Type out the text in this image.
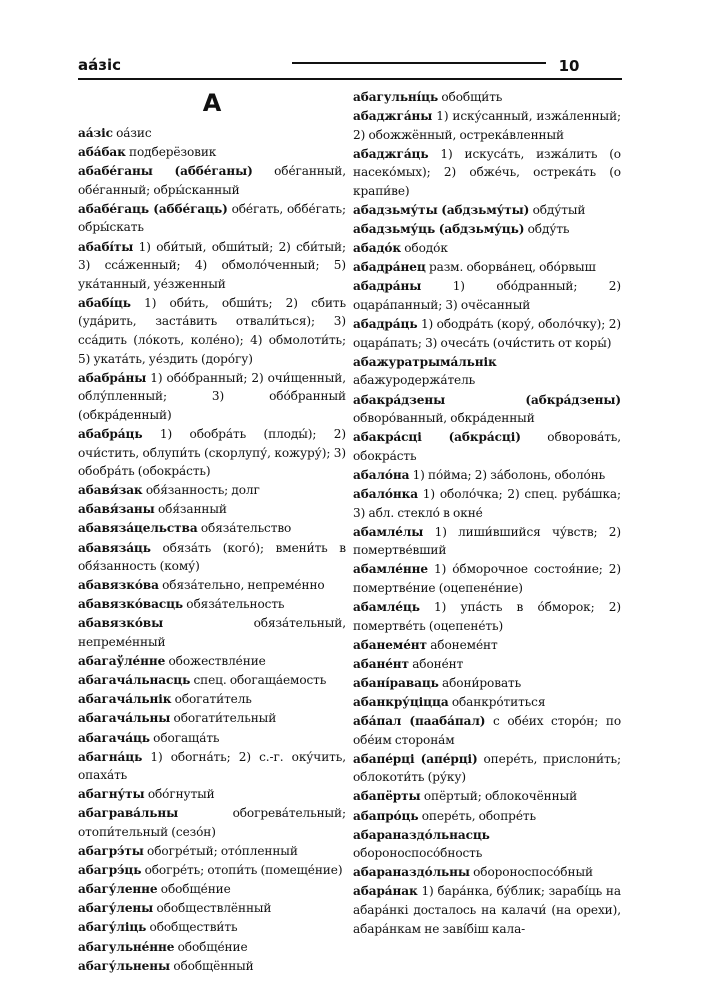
аа́зіс	10
А

аа́зіс оа́зис

аба́бак подберёзовик

абабе́ганы (аббе́ганы) обе́ганный, обе́ганный; обры́сканный

абабе́гаць (аббе́гаць) обе́гать, оббе́гать; обры́скать

абабі́ты 1) оби́тый, обши́тый; 2) сби́тый; 3) сса́женный; 4) обмоло́ченный; 5) ука́танный, уе́зженный

абабі́ць 1) оби́ть, обши́ть; 2) сбить (уда́рить, заста́вить отвали́ться); 3) сса́дить (ло́коть, коле́но); 4) обмолоти́ть; 5) уката́ть, уе́здить (доро́гу)

абабра́ны 1) обо́бранный; 2) очи́щенный, облу́пленный; 3) обо́бранный (обкра́денный)

абабра́ць 1) обобра́ть (плоды́); 2) очи́стить, облупи́ть (скорлупу́, кожуру́); 3) обобра́ть (обокра́сть)

абавя́зак обя́занность; долг

абавя́заны обя́занный

абавяза́цельства обяза́тельство

абавяза́ць обяза́ть (кого́); вмени́ть в обя́занность (кому́)

абавязко́ва обяза́тельно, непреме́нно

абавязко́васць обяза́тельность

абавязко́вы	обяза́тельный, непреме́нный

абагаўле́нне обожествле́ние

абагача́льнасць спец. обогаща́емость

абагача́льнік обогати́тель

абагача́льны обогати́тельный

абагача́ць обогаща́ть

абагна́ць 1) обогна́ть; 2) с.-г. оку́чить, опаха́ть

абагну́ты обо́гнутый

абаграва́льны	обогрева́тельный; отопи́тельный (сезо́н)

абагрэ́ты обогре́тый; ото́пленный

абагрэ́ць обогре́ть; отопи́ть (помеще́ние)

абагу́ленне обобще́ние

абагу́лены обобществлённый

абагу́ліць обобществи́ть

абагульне́нне обобще́ние

абагу́льнены обобщённый

абагульні́ць обобщи́ть

абаджга́ны 1) иску́санный, изжа́ленный; 2) обожжённый, острека́вленный

абаджга́ць 1) искуса́ть, изжа́лить (о насеко́мых); 2) обже́чь, острека́ть (о крапи́ве)

абадзьму́ты (абдзьму́ты) обду́тый

абадзьму́ць (абдзьму́ць) обду́ть

абадо́к ободо́к

абадра́нец разм. оборва́нец, обо́рвыш

абадра́ны	1) обо́дранный; 2) оцара́панный; 3) очёсанный

абадра́ць 1) ободра́ть (кору́, оболо́чку); 2) оцара́пать; 3) очеса́ть (очи́стить от коры́)

абажуратрыма́льнік абажуродержа́тель

абакра́дзены (абкра́дзены) обворо́ванный, обкра́денный

абакра́сці (абкра́сці) обворова́ть, обокра́сть

абало́на 1) по́йма; 2) за́болонь, оболо́нь

абало́нка 1) оболо́чка; 2) спец. руба́шка; 3) абл. стекло́ в окне́

абамле́лы 1) лиши́вшийся чу́вств; 2) помертве́вший

абамле́нне 1) о́бморочное состоя́ние; 2) помертве́ние (оцепене́ние)

абамле́ць 1) упа́сть в о́бморок; 2) помертве́ть (оцепене́ть)

абанеме́нт абонеме́нт

абане́нт абоне́нт

абані́раваць абони́ровать

абанкру́ціцца обанкро́титься

аба́пал (пааба́пал) с обе́их сторо́н; по обе́им сторона́м

абапе́рці (апе́рці) опере́ть, прислони́ть; облокоти́ть (ру́ку)

абапёрты опёртый; облокочённый

абапро́ць опере́ть, обопре́ть

абараназдо́льнасць обороноспосо́бность

абараназдо́льны обороноспосо́бный

абара́нак 1) бара́нка, бу́блик; зарабі́ць на абара́нкі досталось на калачи́ (на орехи), абара́нкам не заві́біш кала-
